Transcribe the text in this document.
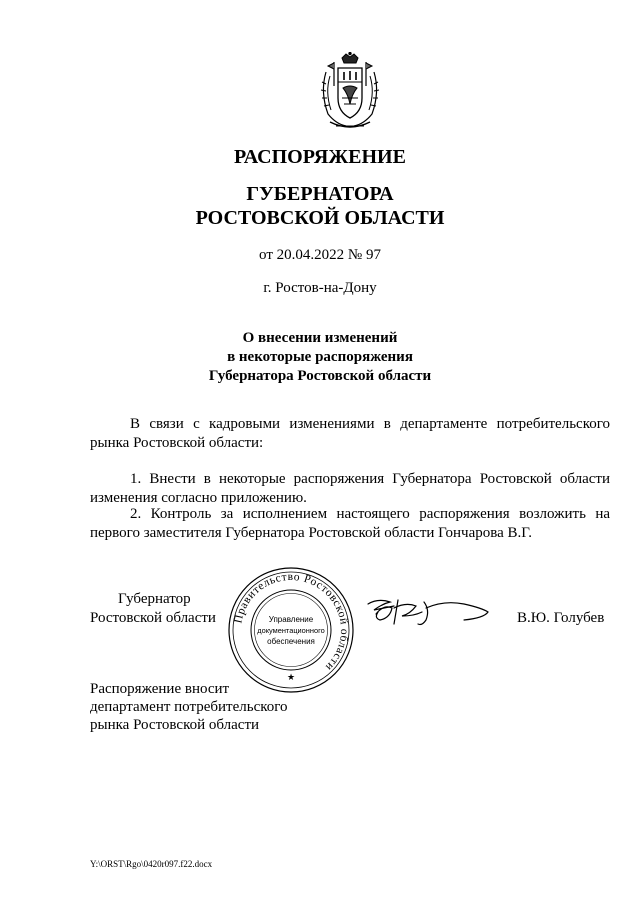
РАСПОРЯЖЕНИЕ
ГУБЕРНАТОРА
РОСТОВСКОЙ ОБЛАСТИ
от 20.04.2022 № 97
г. Ростов-на-Дону
О внесении изменений
в некоторые распоряжения
Губернатора Ростовской области
В связи с кадровыми изменениями в департаменте потребительского рынка Ростовской области:
1. Внести в некоторые распоряжения Губернатора Ростовской области изменения согласно приложению.
2. Контроль за исполнением настоящего распоряжения возложить на первого заместителя Губернатора Ростовской области Гончарова В.Г.
Губернатор
Ростовской области Правительство Ростовской области
Управление
документационного
обеспечения
★
В.Ю. Голубев
Распоряжение вносит
департамент потребительского
рынка Ростовской области
Y:\ORST\Rgo\0420r097.f22.docx
